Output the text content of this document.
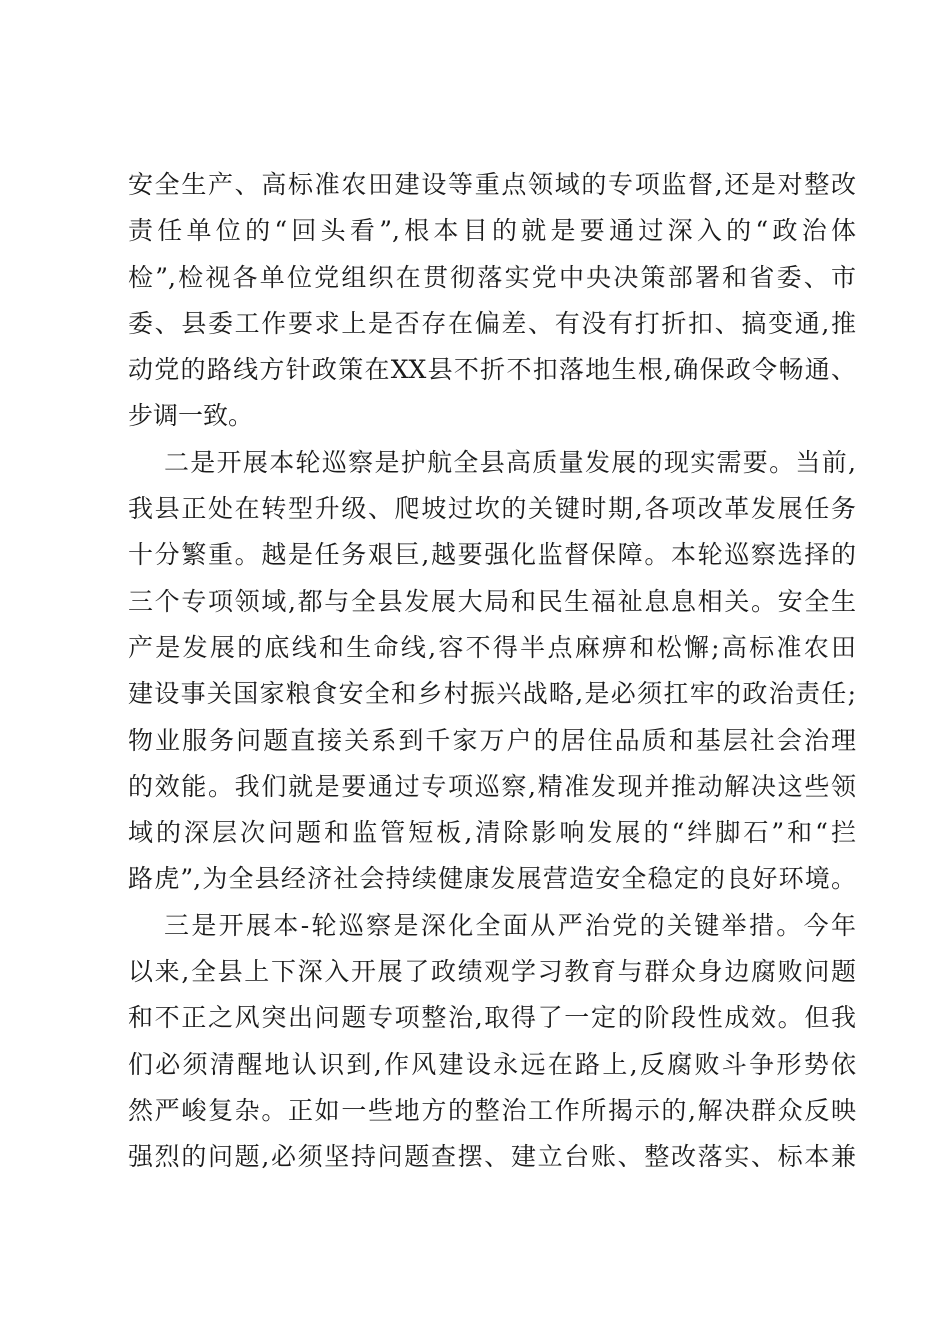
安全生产、高标准农田建设等重点领域的专项监督,还是对整改
责任单位的“回头看”,根本目的就是要通过深入的“政治体
检”,检视各单位党组织在贯彻落实党中央决策部署和省委、市
委、县委工作要求上是否存在偏差、有没有打折扣、搞变通,推
动党的路线方针政策在XX县不折不扣落地生根,确保政令畅通、
步调一致。
二是开展本轮巡察是护航全县高质量发展的现实需要。当前,
我县正处在转型升级、爬坡过坎的关键时期,各项改革发展任务
十分繁重。越是任务艰巨,越要强化监督保障。本轮巡察选择的
三个专项领域,都与全县发展大局和民生福祉息息相关。安全生
产是发展的底线和生命线,容不得半点麻痹和松懈;高标准农田
建设事关国家粮食安全和乡村振兴战略,是必须扛牢的政治责任;
物业服务问题直接关系到千家万户的居住品质和基层社会治理
的效能。我们就是要通过专项巡察,精准发现并推动解决这些领
域的深层次问题和监管短板,清除影响发展的“绊脚石”和“拦
路虎”,为全县经济社会持续健康发展营造安全稳定的良好环境。
三是开展本-轮巡察是深化全面从严治党的关键举措。今年
以来,全县上下深入开展了政绩观学习教育与群众身边腐败问题
和不正之风突出问题专项整治,取得了一定的阶段性成效。但我
们必须清醒地认识到,作风建设永远在路上,反腐败斗争形势依
然严峻复杂。正如一些地方的整治工作所揭示的,解决群众反映
强烈的问题,必须坚持问题查摆、建立台账、整改落实、标本兼
